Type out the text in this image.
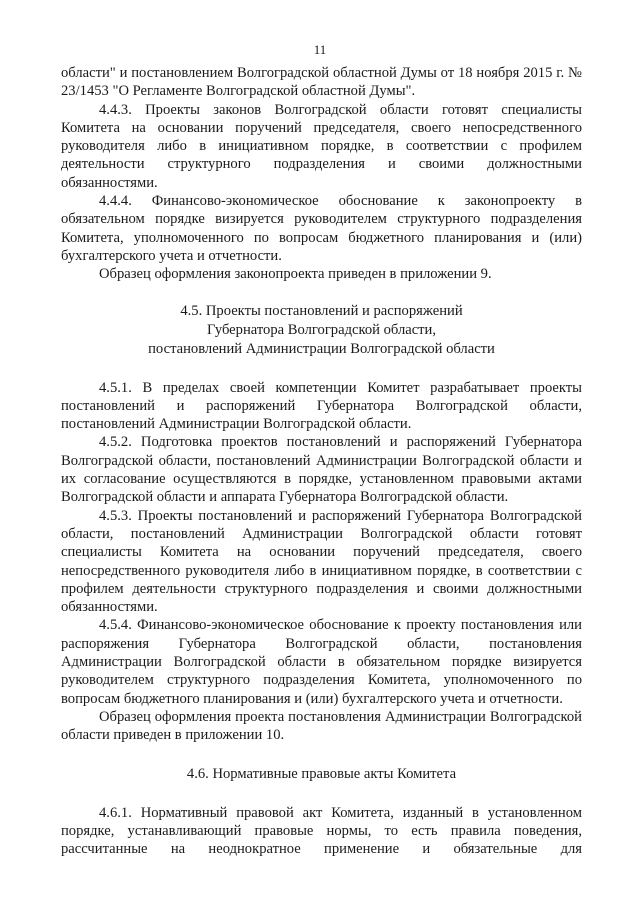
11

области" и постановлением Волгоградской областной Думы от 18 ноября 2015 г. № 23/1453 "О Регламенте Волгоградской областной Думы".

4.4.3. Проекты законов Волгоградской области готовят специалисты Комитета на основании поручений председателя, своего непосредственного руководителя либо в инициативном порядке, в соответствии с профилем деятельности структурного подразделения и своими должностными обязанностями.

4.4.4. Финансово-экономическое обоснование к законопроекту в обязательном порядке визируется руководителем структурного подразделения Комитета, уполномоченного по вопросам бюджетного планирования и (или) бухгалтерского учета и отчетности.

Образец оформления законопроекта приведен в приложении 9.

4.5. Проекты постановлений и распоряжений
Губернатора Волгоградской области,
постановлений Администрации Волгоградской области

4.5.1. В пределах своей компетенции Комитет разрабатывает проекты постановлений и распоряжений Губернатора Волгоградской области, постановлений Администрации Волгоградской области.

4.5.2. Подготовка проектов постановлений и распоряжений Губернатора Волгоградской области, постановлений Администрации Волгоградской области и их согласование осуществляются в порядке, установленном правовыми актами Волгоградской области и аппарата Губернатора Волгоградской области.

4.5.3. Проекты постановлений и распоряжений Губернатора Волгоградской области, постановлений Администрации Волгоградской области готовят специалисты Комитета на основании поручений председателя, своего непосредственного руководителя либо в инициативном порядке, в соответствии с профилем деятельности структурного подразделения и своими должностными обязанностями.

4.5.4. Финансово-экономическое обоснование к проекту постановления или распоряжения Губернатора Волгоградской области, постановления Администрации Волгоградской области в обязательном порядке визируется руководителем структурного подразделения Комитета, уполномоченного по вопросам бюджетного планирования и (или) бухгалтерского учета и отчетности.

Образец оформления проекта постановления Администрации Волгоградской области приведен в приложении 10.

4.6. Нормативные правовые акты Комитета

4.6.1. Нормативный правовой акт Комитета, изданный в установленном порядке, устанавливающий правовые нормы, то есть правила поведения, рассчитанные на неоднократное применение и обязательные для
